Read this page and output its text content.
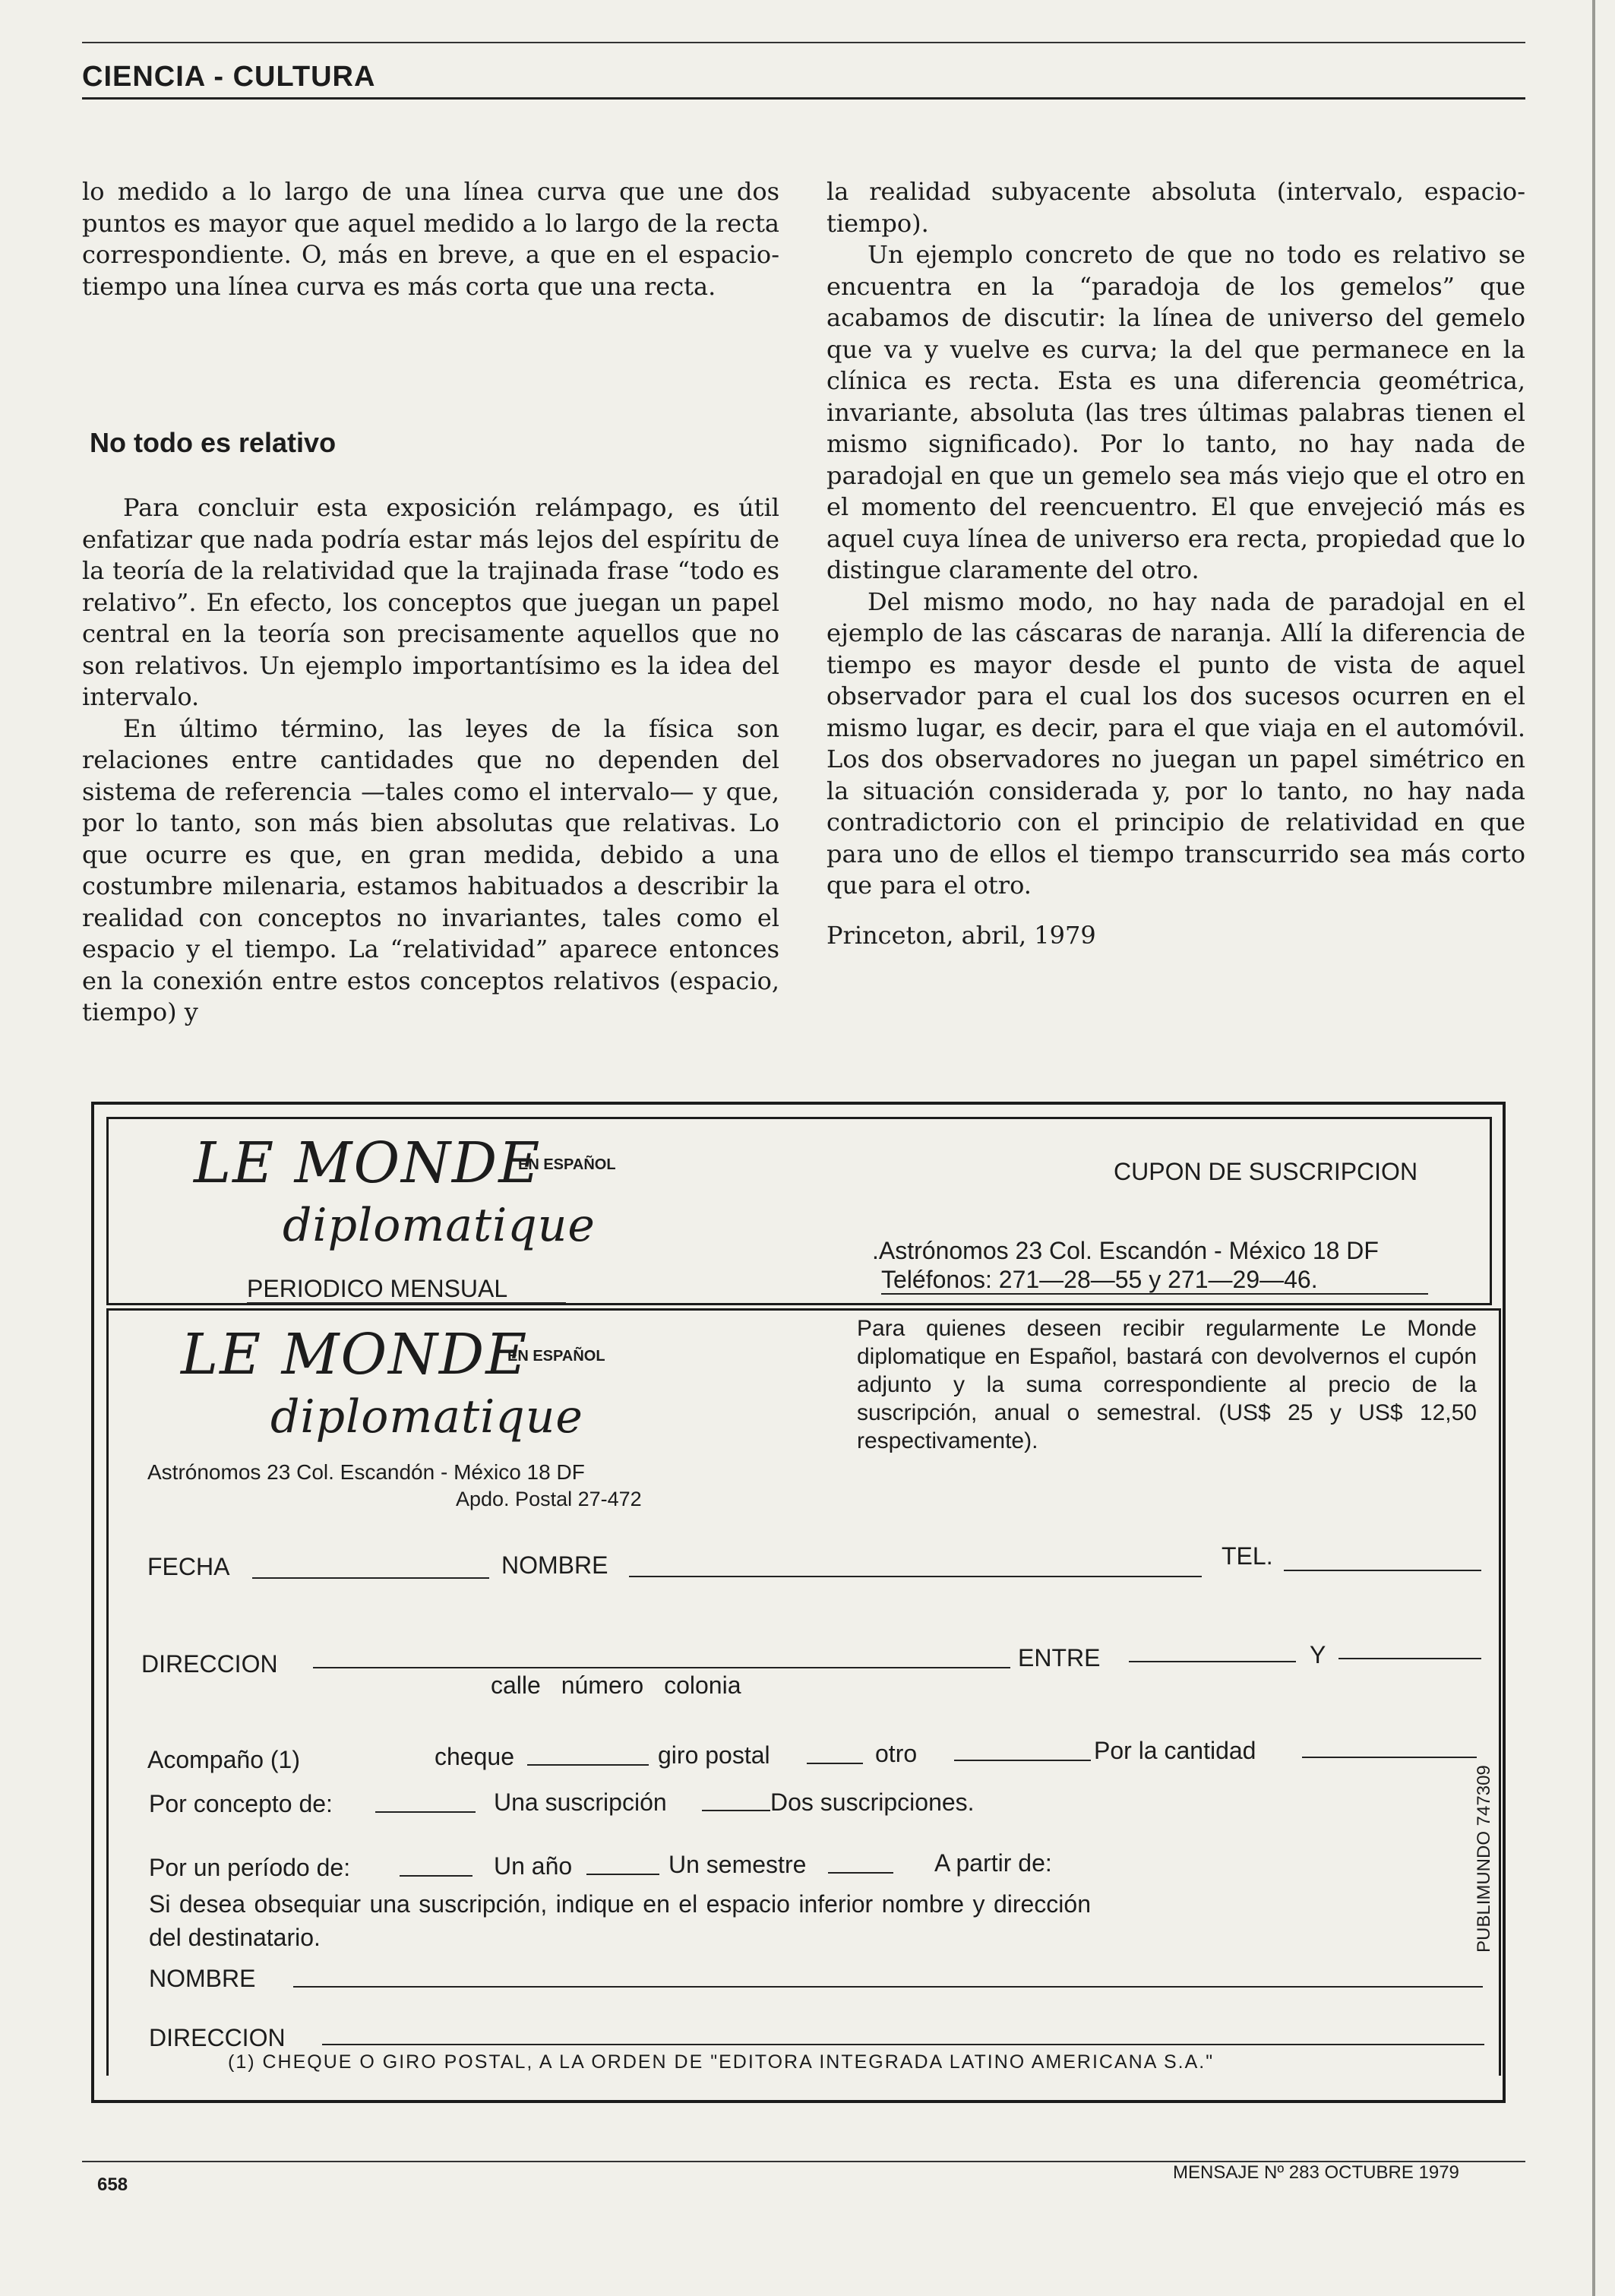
CIENCIA - CULTURA

lo medido a lo largo de una línea curva que une dos puntos es mayor que aquel medido a lo largo de la recta correspondiente. O, más en breve, a que en el espacio-tiempo una línea curva es más corta que una recta.

No todo es relativo

Para concluir esta exposición relámpago, es útil enfatizar que nada podría estar más lejos del espíritu de la teoría de la relatividad que la trajinada frase “todo es relativo”. En efecto, los conceptos que juegan un papel central en la teoría son precisamente aquellos que no son relativos. Un ejemplo importantísimo es la idea del intervalo.

En último término, las leyes de la física son relaciones entre cantidades que no dependen del sistema de referencia —tales como el intervalo— y que, por lo tanto, son más bien absolutas que relativas. Lo que ocurre es que, en gran medida, debido a una costumbre milenaria, estamos habituados a describir la realidad con conceptos no invariantes, tales como el espacio y el tiempo. La “relatividad” aparece entonces en la conexión entre estos conceptos relativos (espacio, tiempo) y

la realidad subyacente absoluta (intervalo, espacio-tiempo).

Un ejemplo concreto de que no todo es relativo se encuentra en la “paradoja de los gemelos” que acabamos de discutir: la línea de universo del gemelo que va y vuelve es curva; la del que permanece en la clínica es recta. Esta es una diferencia geométrica, invariante, absoluta (las tres últimas palabras tienen el mismo significado). Por lo tanto, no hay nada de paradojal en que un gemelo sea más viejo que el otro en el momento del reencuentro. El que envejeció más es aquel cuya línea de universo era recta, propiedad que lo distingue claramente del otro.

Del mismo modo, no hay nada de paradojal en el ejemplo de las cáscaras de naranja. Allí la diferencia de tiempo es mayor desde el punto de vista de aquel observador para el cual los dos sucesos ocurren en el mismo lugar, es decir, para el que viaja en el automóvil. Los dos observadores no juegan un papel simétrico en la situación considerada y, por lo tanto, no hay nada contradictorio con el principio de relatividad en que para uno de ellos el tiempo transcurrido sea más corto que para el otro.

Princeton, abril, 1979

LE MONDE
EN ESPAÑOL
diplomatique
PERIODICO MENSUAL
CUPON DE SUSCRIPCION
.Astrónomos 23 Col. Escandón - México 18 DF
Teléfonos: 271—28—55 y 271—29—46.
LE MONDE
EN ESPAÑOL
diplomatique
Astrónomos 23 Col. Escandón - México 18 DF
Apdo. Postal 27-472
Para quienes deseen recibir regularmente Le Monde diplomatique en Español, bastará con devolvernos el cupón adjunto y la suma correspondiente al precio de la suscripción, anual o semestral. (US$ 25 y US$ 12,50 respectivamente).
FECHA	NOMBRE	TEL.
DIRECCION	ENTRE	Y
calle número colonia
Acompaño (1)	cheque	giro postal	otro	Por la cantidad
Por concepto de:	Una suscripción	Dos suscripciones.
Por un período de:	Un año	Un semestre	A partir de:
Si desea obsequiar una suscripción, indique en el espacio inferior nombre y dirección del destinatario.
NOMBRE
DIRECCION
(1) CHEQUE O GIRO POSTAL, A LA ORDEN DE "EDITORA INTEGRADA LATINO AMERICANA S.A."
PUBLIMUNDO 747309
658
MENSAJE Nº 283 OCTUBRE 1979
